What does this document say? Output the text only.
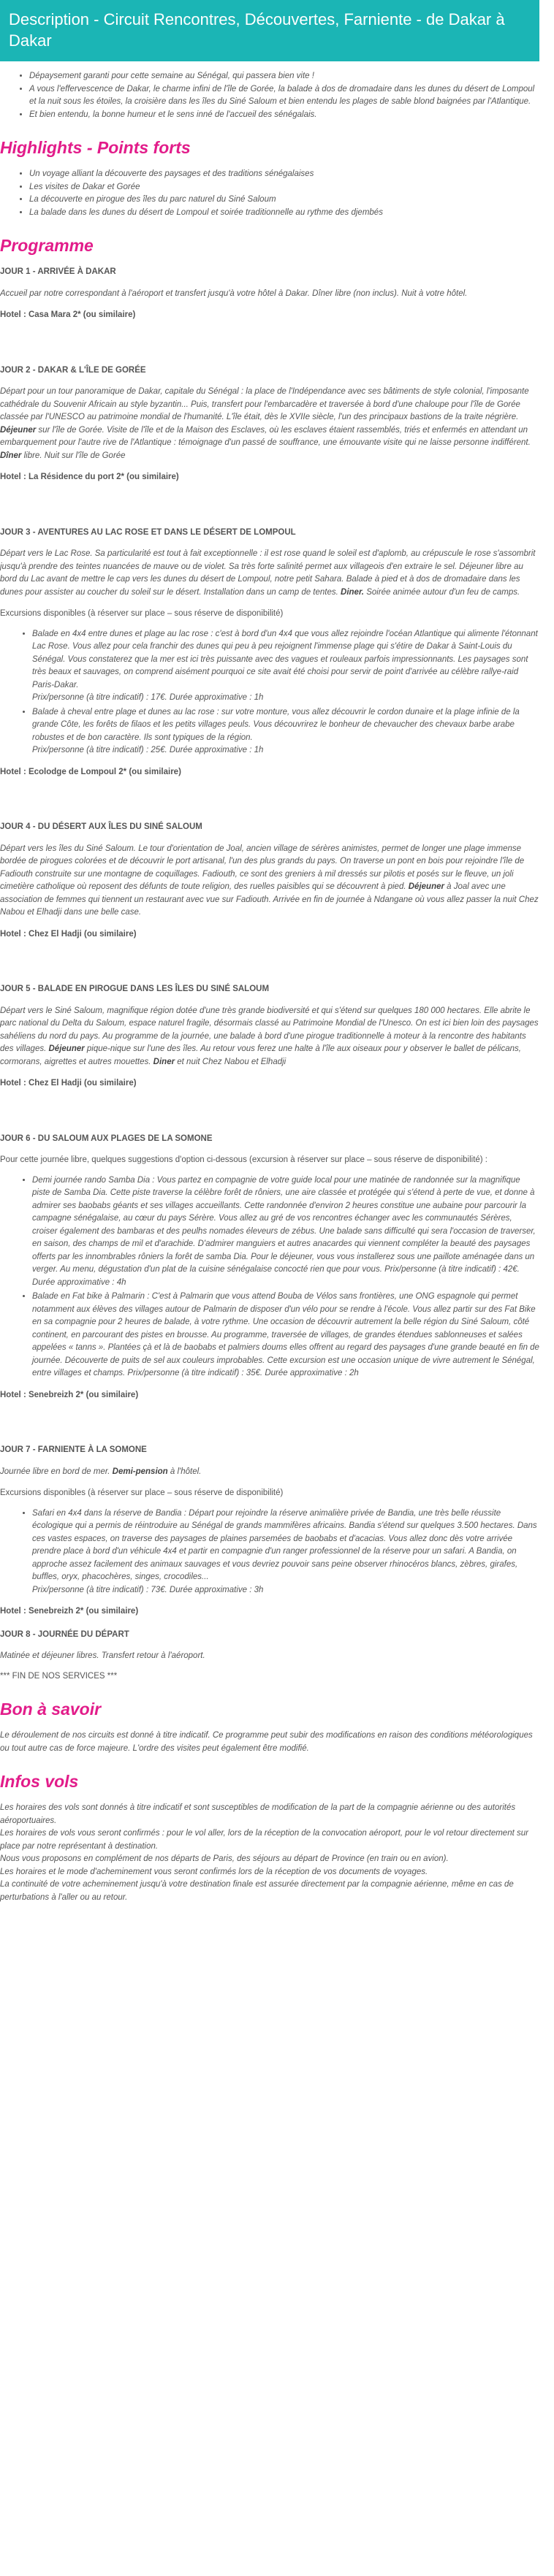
Description - Circuit Rencontres, Découvertes, Farniente - de Dakar à Dakar
• Dépaysement garanti pour cette semaine au Sénégal, qui passera bien vite !
• A vous l'effervescence de Dakar, le charme infini de l'île de Gorée, la balade à dos de dromadaire dans les dunes du désert de Lompoul et la nuit sous les étoiles, la croisière dans les îles du Siné Saloum et bien entendu les plages de sable blond baignées par l'Atlantique.
• Et bien entendu, la bonne humeur et le sens inné de l'accueil des sénégalais.
Highlights - Points forts
• Un voyage alliant la découverte des paysages et des traditions sénégalaises
• Les visites de Dakar et Gorée
• La découverte en pirogue des îles du parc naturel du Siné Saloum
• La balade dans les dunes du désert de Lompoul et soirée traditionnelle au rythme des djembés
Programme
JOUR 1 - ARRIVÉE À DAKAR

Accueil par notre correspondant à l'aéroport et transfert jusqu'à votre hôtel à Dakar. Dîner libre (non inclus). Nuit à votre hôtel.

Hotel : Casa Mara 2* (ou similaire)
JOUR 2 - DAKAR & L'ÎLE DE GORÉE

Départ pour un tour panoramique de Dakar, capitale du Sénégal : la place de l'Indépendance avec ses bâtiments de style colonial, l'imposante cathédrale du Souvenir Africain au style byzantin... Puis, transfert pour l'embarcadère et traversée à bord d'une chaloupe pour l'île de Gorée classée par l'UNESCO au patrimoine mondial de l'humanité. L'île était, dès le XVIIe siècle, l'un des principaux bastions de la traite négrière. Déjeuner sur l'île de Gorée. Visite de l'île et de la Maison des Esclaves, où les esclaves étaient rassemblés, triés et enfermés en attendant un embarquement pour l'autre rive de l'Atlantique : témoignage d'un passé de souffrance, une émouvante visite qui ne laisse personne indifférent. Dîner libre. Nuit sur l'île de Gorée

Hotel : La Résidence du port 2* (ou similaire)
JOUR 3 - AVENTURES AU LAC ROSE ET DANS LE DÉSERT DE LOMPOUL

Départ vers le Lac Rose. Sa particularité est tout à fait exceptionnelle : il est rose quand le soleil est d'aplomb, au crépuscule le rose s'assombrit jusqu'à prendre des teintes nuancées de mauve ou de violet. Sa très forte salinité permet aux villageois d'en extraire le sel. Déjeuner libre au bord du Lac avant de mettre le cap vers les dunes du désert de Lompoul, notre petit Sahara. Balade à pied et à dos de dromadaire dans les dunes pour assister au coucher du soleil sur le désert. Installation dans un camp de tentes. Diner. Soirée animée autour d'un feu de camps.

Excursions disponibles (à réserver sur place – sous réserve de disponibilité)
• Balade en 4x4 entre dunes et plage au lac rose : c'est à bord d'un 4x4 que vous allez rejoindre l'océan Atlantique qui alimente l'étonnant Lac Rose. Vous allez pour cela franchir des dunes qui peu à peu rejoignent l'immense plage qui s'étire de Dakar à Saint-Louis du Sénégal. Vous constaterez que la mer est ici très puissante avec des vagues et rouleaux parfois impressionnants. Les paysages sont très beaux et sauvages, on comprend aisément pourquoi ce site avait été choisi pour servir de point d'arrivée au célèbre rallye-raid Paris-Dakar.
Prix/personne (à titre indicatif) : 17€. Durée approximative : 1h
• Balade à cheval entre plage et dunes au lac rose : sur votre monture, vous allez découvrir le cordon dunaire et la plage infinie de la grande Côte, les forêts de filaos et les petits villages peuls. Vous découvrirez le bonheur de chevaucher des chevaux barbe arabe robustes et de bon caractère. Ils sont typiques de la région.
Prix/personne (à titre indicatif) : 25€. Durée approximative : 1h
Hotel : Ecolodge de Lompoul 2* (ou similaire)
JOUR 4 - DU DÉSERT AUX ÎLES DU SINÉ SALOUM

Départ vers les îles du Siné Saloum. Le tour d'orientation de Joal, ancien village de sérères animistes, permet de longer une plage immense bordée de pirogues colorées et de découvrir le port artisanal, l'un des plus grands du pays. On traverse un pont en bois pour rejoindre l'île de Fadiouth construite sur une montagne de coquillages. Fadiouth, ce sont des greniers à mil dressés sur pilotis et posés sur le fleuve, un joli cimetière catholique où reposent des défunts de toute religion, des ruelles paisibles qui se découvrent à pied. Déjeuner à Joal avec une association de femmes qui tiennent un restaurant avec vue sur Fadiouth. Arrivée en fin de journée à Ndangane où vous allez passer la nuit Chez Nabou et Elhadji dans une belle case.

Hotel : Chez El Hadji (ou similaire)
JOUR 5 - BALADE EN PIROGUE DANS LES ÎLES DU SINÉ SALOUM

Départ vers le Siné Saloum, magnifique région dotée d'une très grande biodiversité et qui s'étend sur quelques 180 000 hectares. Elle abrite le parc national du Delta du Saloum, espace naturel fragile, désormais classé au Patrimoine Mondial de l'Unesco. On est ici bien loin des paysages sahéliens du nord du pays. Au programme de la journée, une balade à bord d'une pirogue traditionnelle à moteur à la rencontre des habitants des villages. Déjeuner pique-nique sur l'une des îles. Au retour vous ferez une halte à l'île aux oiseaux pour y observer le ballet de pélicans, cormorans, aigrettes et autres mouettes. Diner et nuit Chez Nabou et Elhadji

Hotel : Chez El Hadji (ou similaire)
JOUR 6 - DU SALOUM AUX PLAGES DE LA SOMONE

Pour cette journée libre, quelques suggestions d'option ci-dessous (excursion à réserver sur place – sous réserve de disponibilité) :

• Demi journée rando Samba Dia : Vous partez en compagnie de votre guide local pour une matinée de randonnée sur la magnifique piste de Samba Dia. Cette piste traverse la célèbre forêt de rôniers, une aire classée et protégée qui s'étend à perte de vue, et donne à admirer ses baobabs géants et ses villages accueillants. Cette randonnée d'environ 2 heures constitue une aubaine pour parcourir la campagne sénégalaise, au cœur du pays Sérère. Vous allez au gré de vos rencontres échanger avec les communautés Sérères, croiser également des bambaras et des peulhs nomades éleveurs de zébus. Une balade sans difficulté qui sera l'occasion de traverser, en saison, des champs de mil et d'arachide. D'admirer manguiers et autres anacardes qui viennent compléter la beauté des paysages offerts par les innombrables rôniers la forêt de samba Dia. Pour le déjeuner, vous vous installerez sous une paillote aménagée dans un verger. Au menu, dégustation d'un plat de la cuisine sénégalaise concocté rien que pour vous. Prix/personne (à titre indicatif) : 42€. Durée approximative : 4h
• Balade en Fat bike à Palmarin : C'est à Palmarin que vous attend Bouba de Vélos sans frontières, une ONG espagnole qui permet notamment aux élèves des villages autour de Palmarin de disposer d'un vélo pour se rendre à l'école. Vous allez partir sur des Fat Bike en sa compagnie pour 2 heures de balade, à votre rythme. Une occasion de découvrir autrement la belle région du Siné Saloum, côté continent, en parcourant des pistes en brousse. Au programme, traversée de villages, de grandes étendues sablonneuses et salées appelées « tanns ». Plantées çà et là de baobabs et palmiers doums elles offrent au regard des paysages d'une grande beauté en fin de journée. Découverte de puits de sel aux couleurs improbables. Cette excursion est une occasion unique de vivre autrement le Sénégal, entre villages et champs. Prix/personne (à titre indicatif) : 35€. Durée approximative : 2h
Hotel : Senebreizh 2* (ou similaire)
JOUR 7 - FARNIENTE À LA SOMONE

Journée libre en bord de mer. Demi-pension à l'hôtel.

Excursions disponibles (à réserver sur place – sous réserve de disponibilité)
• Safari en 4x4 dans la réserve de Bandia : Départ pour rejoindre la réserve animalière privée de Bandia, une très belle réussite écologique qui a permis de réintroduire au Sénégal de grands mammifères africains. Bandia s'étend sur quelques 3.500 hectares. Dans ces vastes espaces, on traverse des paysages de plaines parsemées de baobabs et d'acacias. Vous allez donc dès votre arrivée prendre place à bord d'un véhicule 4x4 et partir en compagnie d'un ranger professionnel de la réserve pour un safari. A Bandia, on approche assez facilement des animaux sauvages et vous devriez pouvoir sans peine observer rhinocéros blancs, zèbres, girafes, buffles, oryx, phacochères, singes, crocodiles...
Prix/personne (à titre indicatif) : 73€. Durée approximative : 3h
Hotel : Senebreizh 2* (ou similaire)
JOUR 8 - JOURNÉE DU DÉPART

Matinée et déjeuner libres. Transfert retour à l'aéroport.

*** FIN DE NOS SERVICES ***
Bon à savoir

Le déroulement de nos circuits est donné à titre indicatif. Ce programme peut subir des modifications en raison des conditions météorologiques ou tout autre cas de force majeure. L'ordre des visites peut également être modifié.

Infos vols
Les horaires des vols sont donnés à titre indicatif et sont susceptibles de modification de la part de la compagnie aérienne ou des autorités aéroportuaires.
Les horaires de vols vous seront confirmés : pour le vol aller, lors de la réception de la convocation aéroport, pour le vol retour directement sur place par notre représentant à destination.
Nous vous proposons en complément de nos départs de Paris, des séjours au départ de Province (en train ou en avion).
Les horaires et le mode d'acheminement vous seront confirmés lors de la réception de vos documents de voyages.
La continuité de votre acheminement jusqu'à votre destination finale est assurée directement par la compagnie aérienne, même en cas de perturbations à l'aller ou au retour.
